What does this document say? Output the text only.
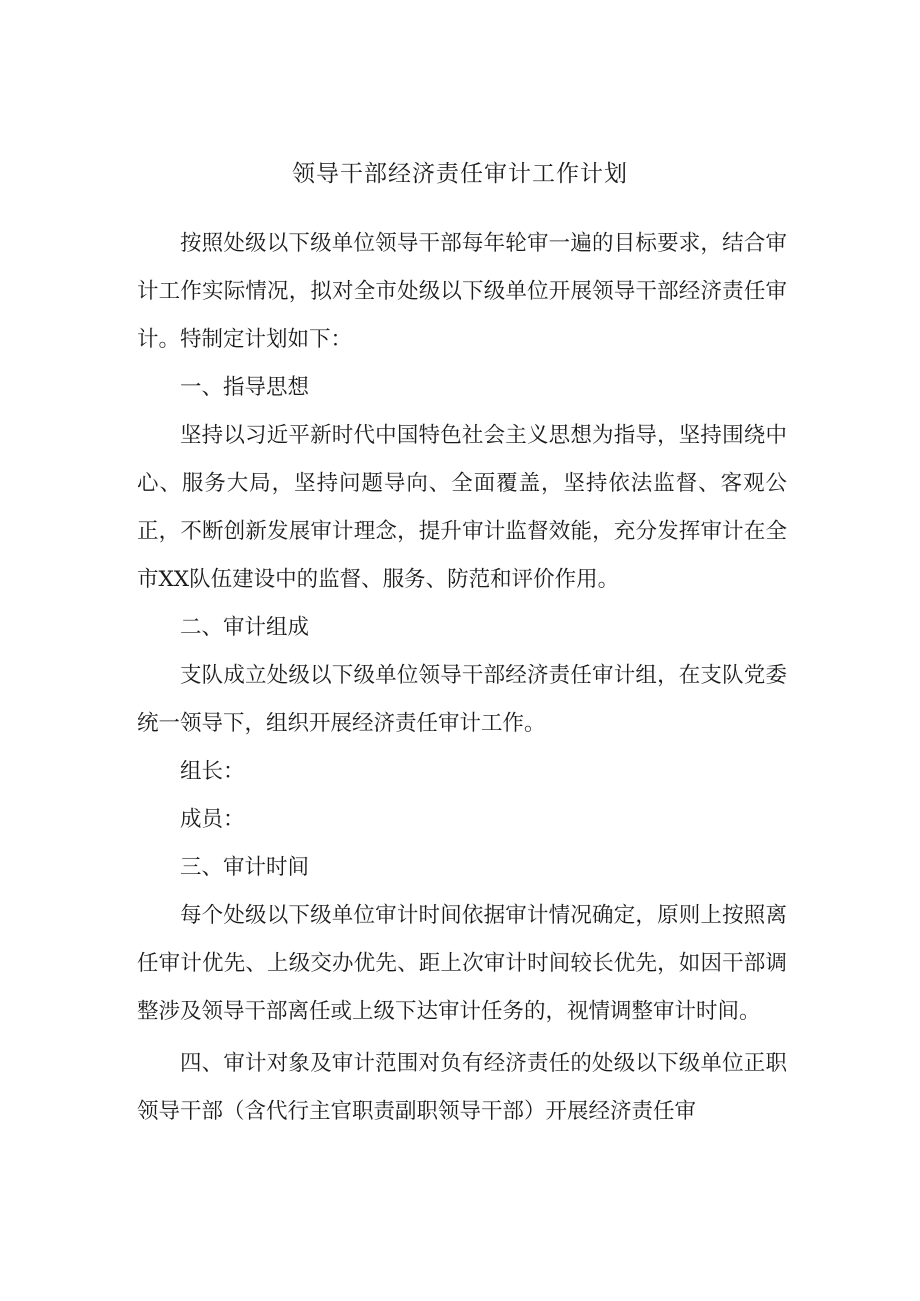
领导干部经济责任审计工作计划

按照处级以下级单位领导干部每年轮审一遍的目标要求，结合审计工作实际情况，拟对全市处级以下级单位开展领导干部经济责任审计。特制定计划如下：

一、指导思想

坚持以习近平新时代中国特色社会主义思想为指导，坚持围绕中心、服务大局，坚持问题导向、全面覆盖，坚持依法监督、客观公正，不断创新发展审计理念，提升审计监督效能，充分发挥审计在全市XX队伍建设中的监督、服务、防范和评价作用。

二、审计组成

支队成立处级以下级单位领导干部经济责任审计组，在支队党委统一领导下，组织开展经济责任审计工作。

组长：

成员：

三、审计时间

每个处级以下级单位审计时间依据审计情况确定，原则上按照离任审计优先、上级交办优先、距上次审计时间较长优先，如因干部调整涉及领导干部离任或上级下达审计任务的，视情调整审计时间。

四、审计对象及审计范围对负有经济责任的处级以下级单位正职领导干部（含代行主官职责副职领导干部）开展经济责任审
